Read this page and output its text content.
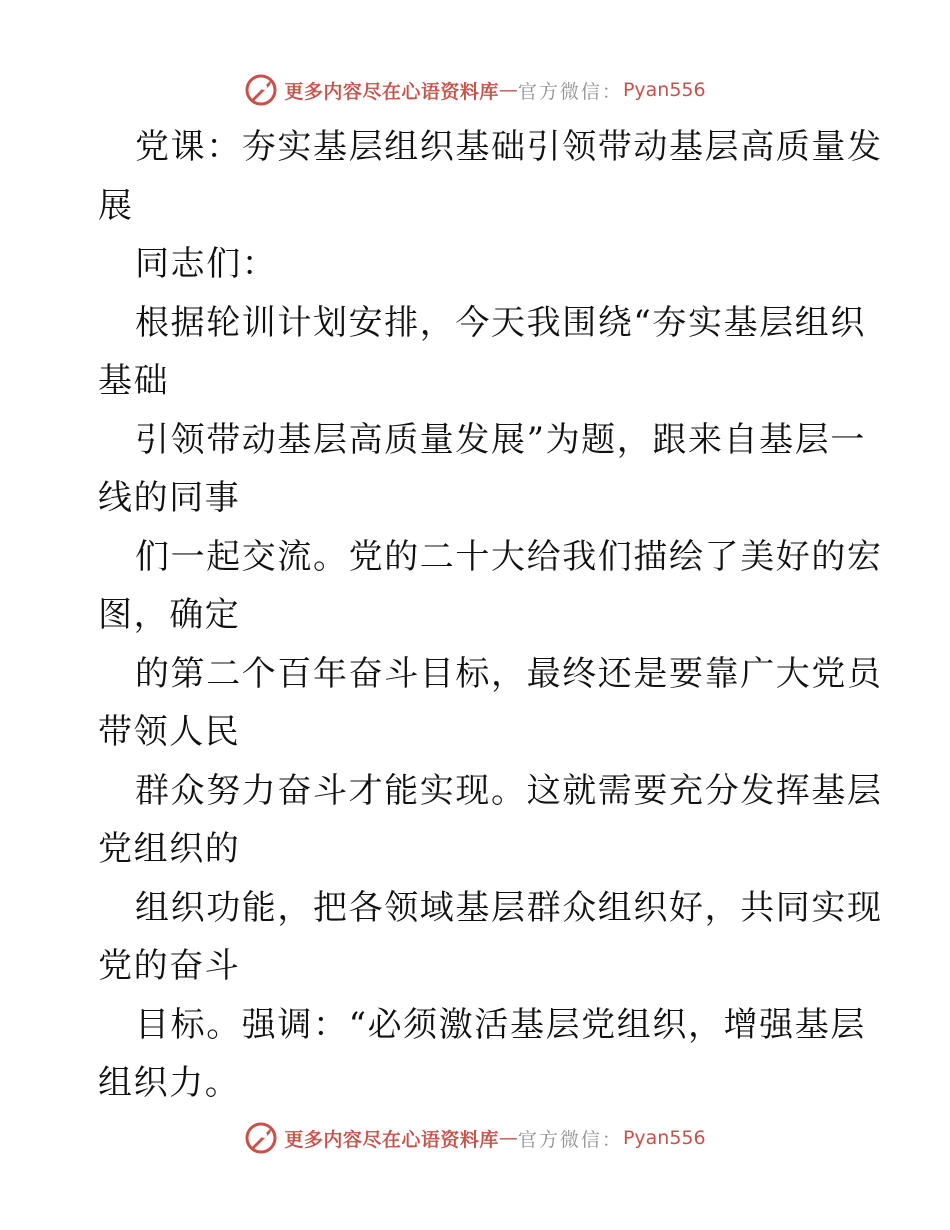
更多内容尽在心语资料库 — 官方微信： Pyan556
党课：夯实基层组织基础引领带动基层高质量发
展
同志们：
根据轮训计划安排，今天我围绕“夯实基层组织
基础
引领带动基层高质量发展”为题，跟来自基层一
线的同事
们一起交流。党的二十大给我们描绘了美好的宏
图，确定
的第二个百年奋斗目标，最终还是要靠广大党员
带领人民
群众努力奋斗才能实现。这就需要充分发挥基层
党组织的
组织功能，把各领域基层群众组织好，共同实现
党的奋斗
目标。强调：“必须激活基层党组织，增强基层
组织力。
更多内容尽在心语资料库 — 官方微信： Pyan556
